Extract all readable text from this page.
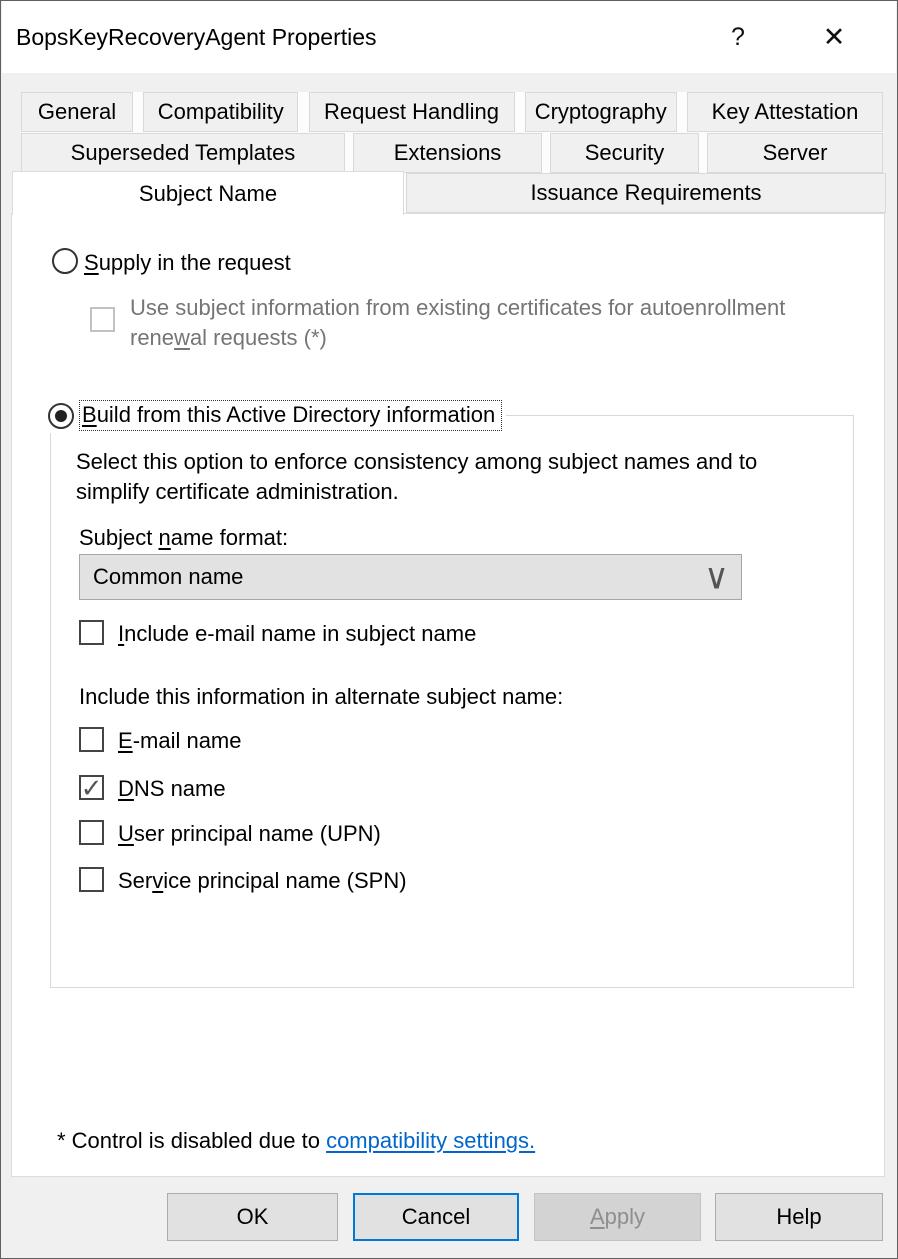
BopsKeyRecoveryAgent Properties	?	✕
General	Compatibility	Request Handling	Cryptography	Key Attestation
Superseded Templates	Extensions	Security	Server
Issuance Requirements
Subject Name
Supply in the request
Use subject information from existing certificates for autoenrollment renewal requests (*)
Build from this Active Directory information
Select this option to enforce consistency among subject names and to simplify certificate administration.
Subject name format:
Common name	∨
Include e-mail name in subject name
Include this information in alternate subject name:
E-mail name
✓ DNS name
User principal name (UPN)
Service principal name (SPN)
* Control is disabled due to compatibility settings.
OK	Cancel	Apply	Help
